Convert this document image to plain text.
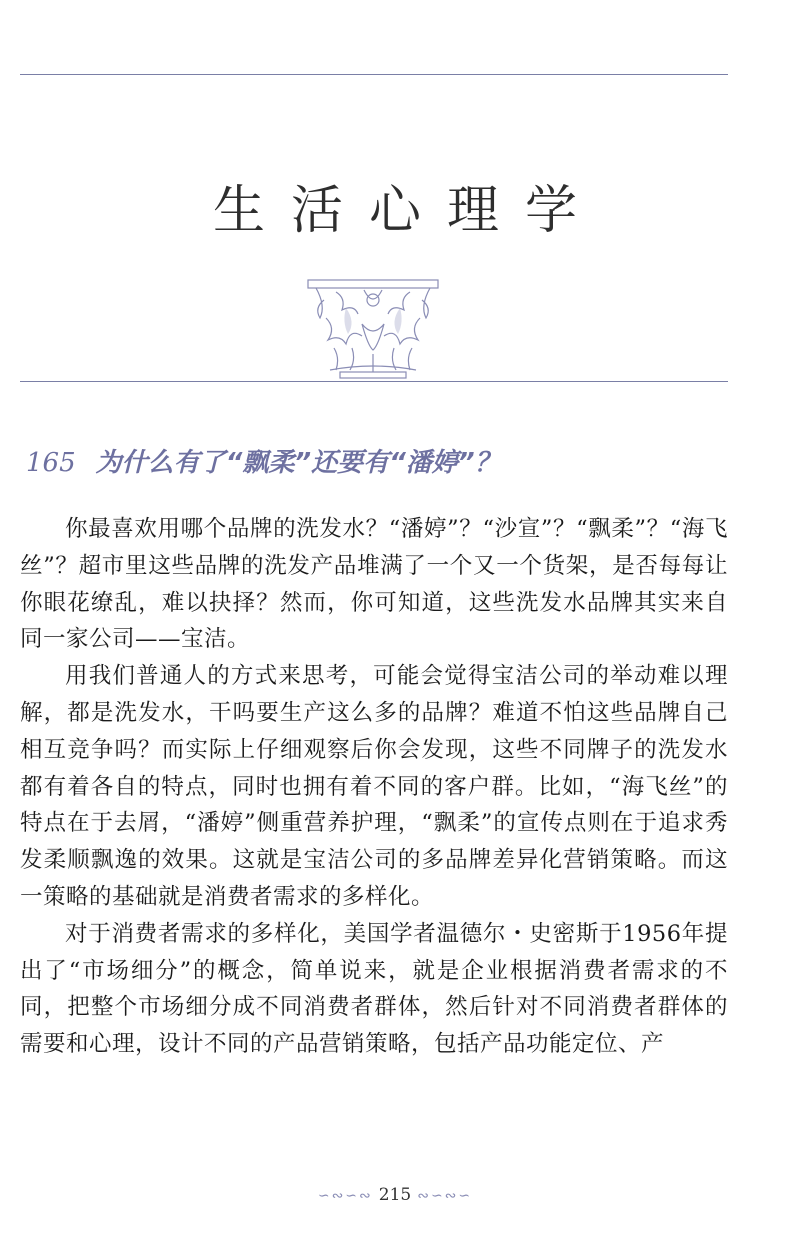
生活心理学
165 为什么有了“飘柔”还要有“潘婷”？

你最喜欢用哪个品牌的洗发水？“潘婷”？“沙宣”？“飘柔”？“海飞丝”？超市里这些品牌的洗发产品堆满了一个又一个货架，是否每每让你眼花缭乱，难以抉择？然而，你可知道，这些洗发水品牌其实来自同一家公司——宝洁。

用我们普通人的方式来思考，可能会觉得宝洁公司的举动难以理解，都是洗发水，干吗要生产这么多的品牌？难道不怕这些品牌自己相互竞争吗？而实际上仔细观察后你会发现，这些不同牌子的洗发水都有着各自的特点，同时也拥有着不同的客户群。比如，“海飞丝”的特点在于去屑，“潘婷”侧重营养护理，“飘柔”的宣传点则在于追求秀发柔顺飘逸的效果。这就是宝洁公司的多品牌差异化营销策略。而这一策略的基础就是消费者需求的多样化。

对于消费者需求的多样化，美国学者温德尔・史密斯于1956年提出了“市场细分”的概念，简单说来，就是企业根据消费者需求的不同，把整个市场细分成不同消费者群体，然后针对不同消费者群体的需要和心理，设计不同的产品营销策略，包括产品功能定位、产

∽∾∽∾ 215 ∾∽∾∽
